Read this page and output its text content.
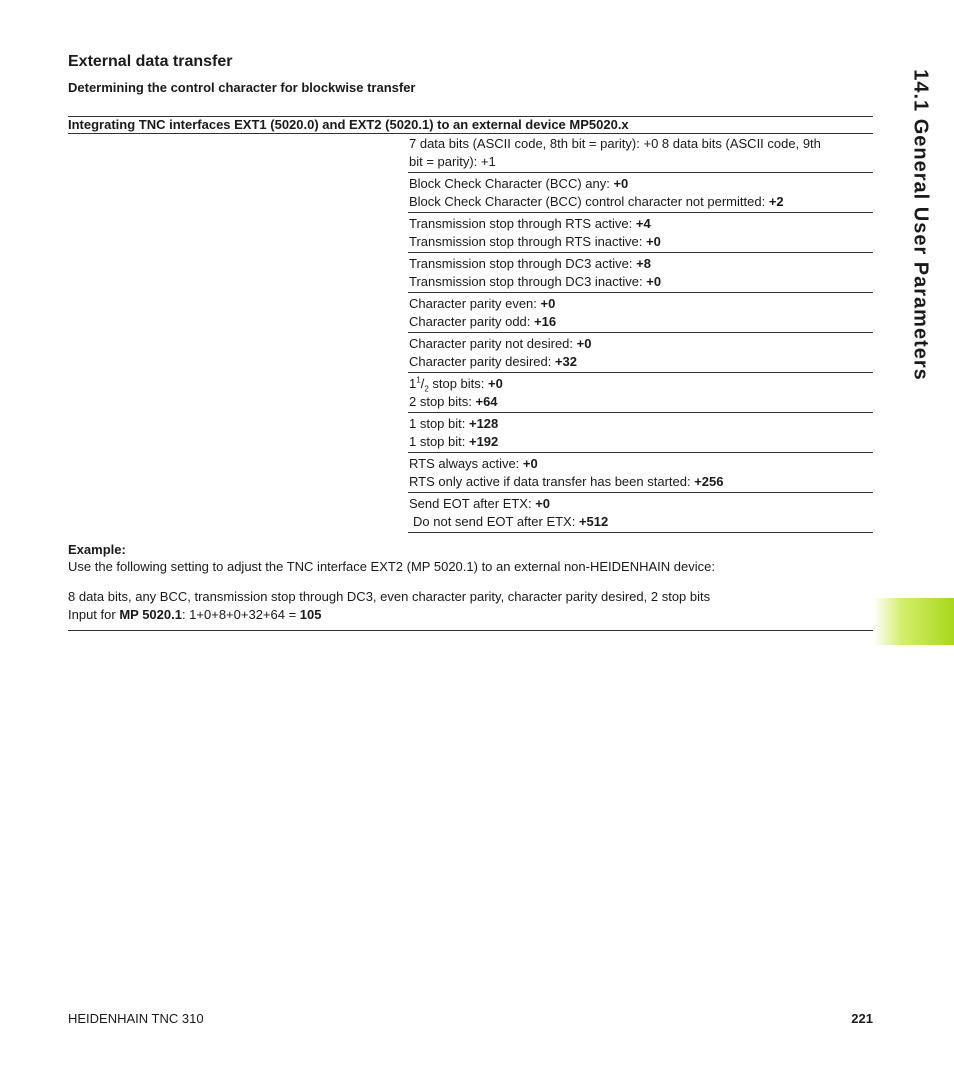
External data transfer
Determining the control character for blockwise transfer
Integrating TNC interfaces EXT1 (5020.0) and EXT2 (5020.1) to an external device MP5020.x
7 data bits (ASCII code, 8th bit = parity): +0 8 data bits (ASCII code, 9th
bit = parity): +1
Block Check Character (BCC) any: +0
Block Check Character (BCC) control character not permitted: +2
Transmission stop through RTS active: +4
Transmission stop through RTS inactive: +0
Transmission stop through DC3 active: +8
Transmission stop through DC3 inactive: +0
Character parity even: +0
Character parity odd: +16
Character parity not desired: +0
Character parity desired: +32
$1^1/_2$ stop bits: +0
2 stop bits: +64
1 stop bit: +128
1 stop bit: +192
RTS always active: +0
RTS only active if data transfer has been started: +256
Send EOT after ETX: +0
Do not send EOT after ETX: +512
Example:
Use the following setting to adjust the TNC interface EXT2 (MP 5020.1) to an external non-HEIDENHAIN device:
8 data bits, any BCC, transmission stop through DC3, even character parity, character parity desired, 2 stop bits
Input for MP 5020.1: 1+0+8+0+32+64 = 105
HEIDENHAIN TNC 310	221
14.1 General User Parameters
